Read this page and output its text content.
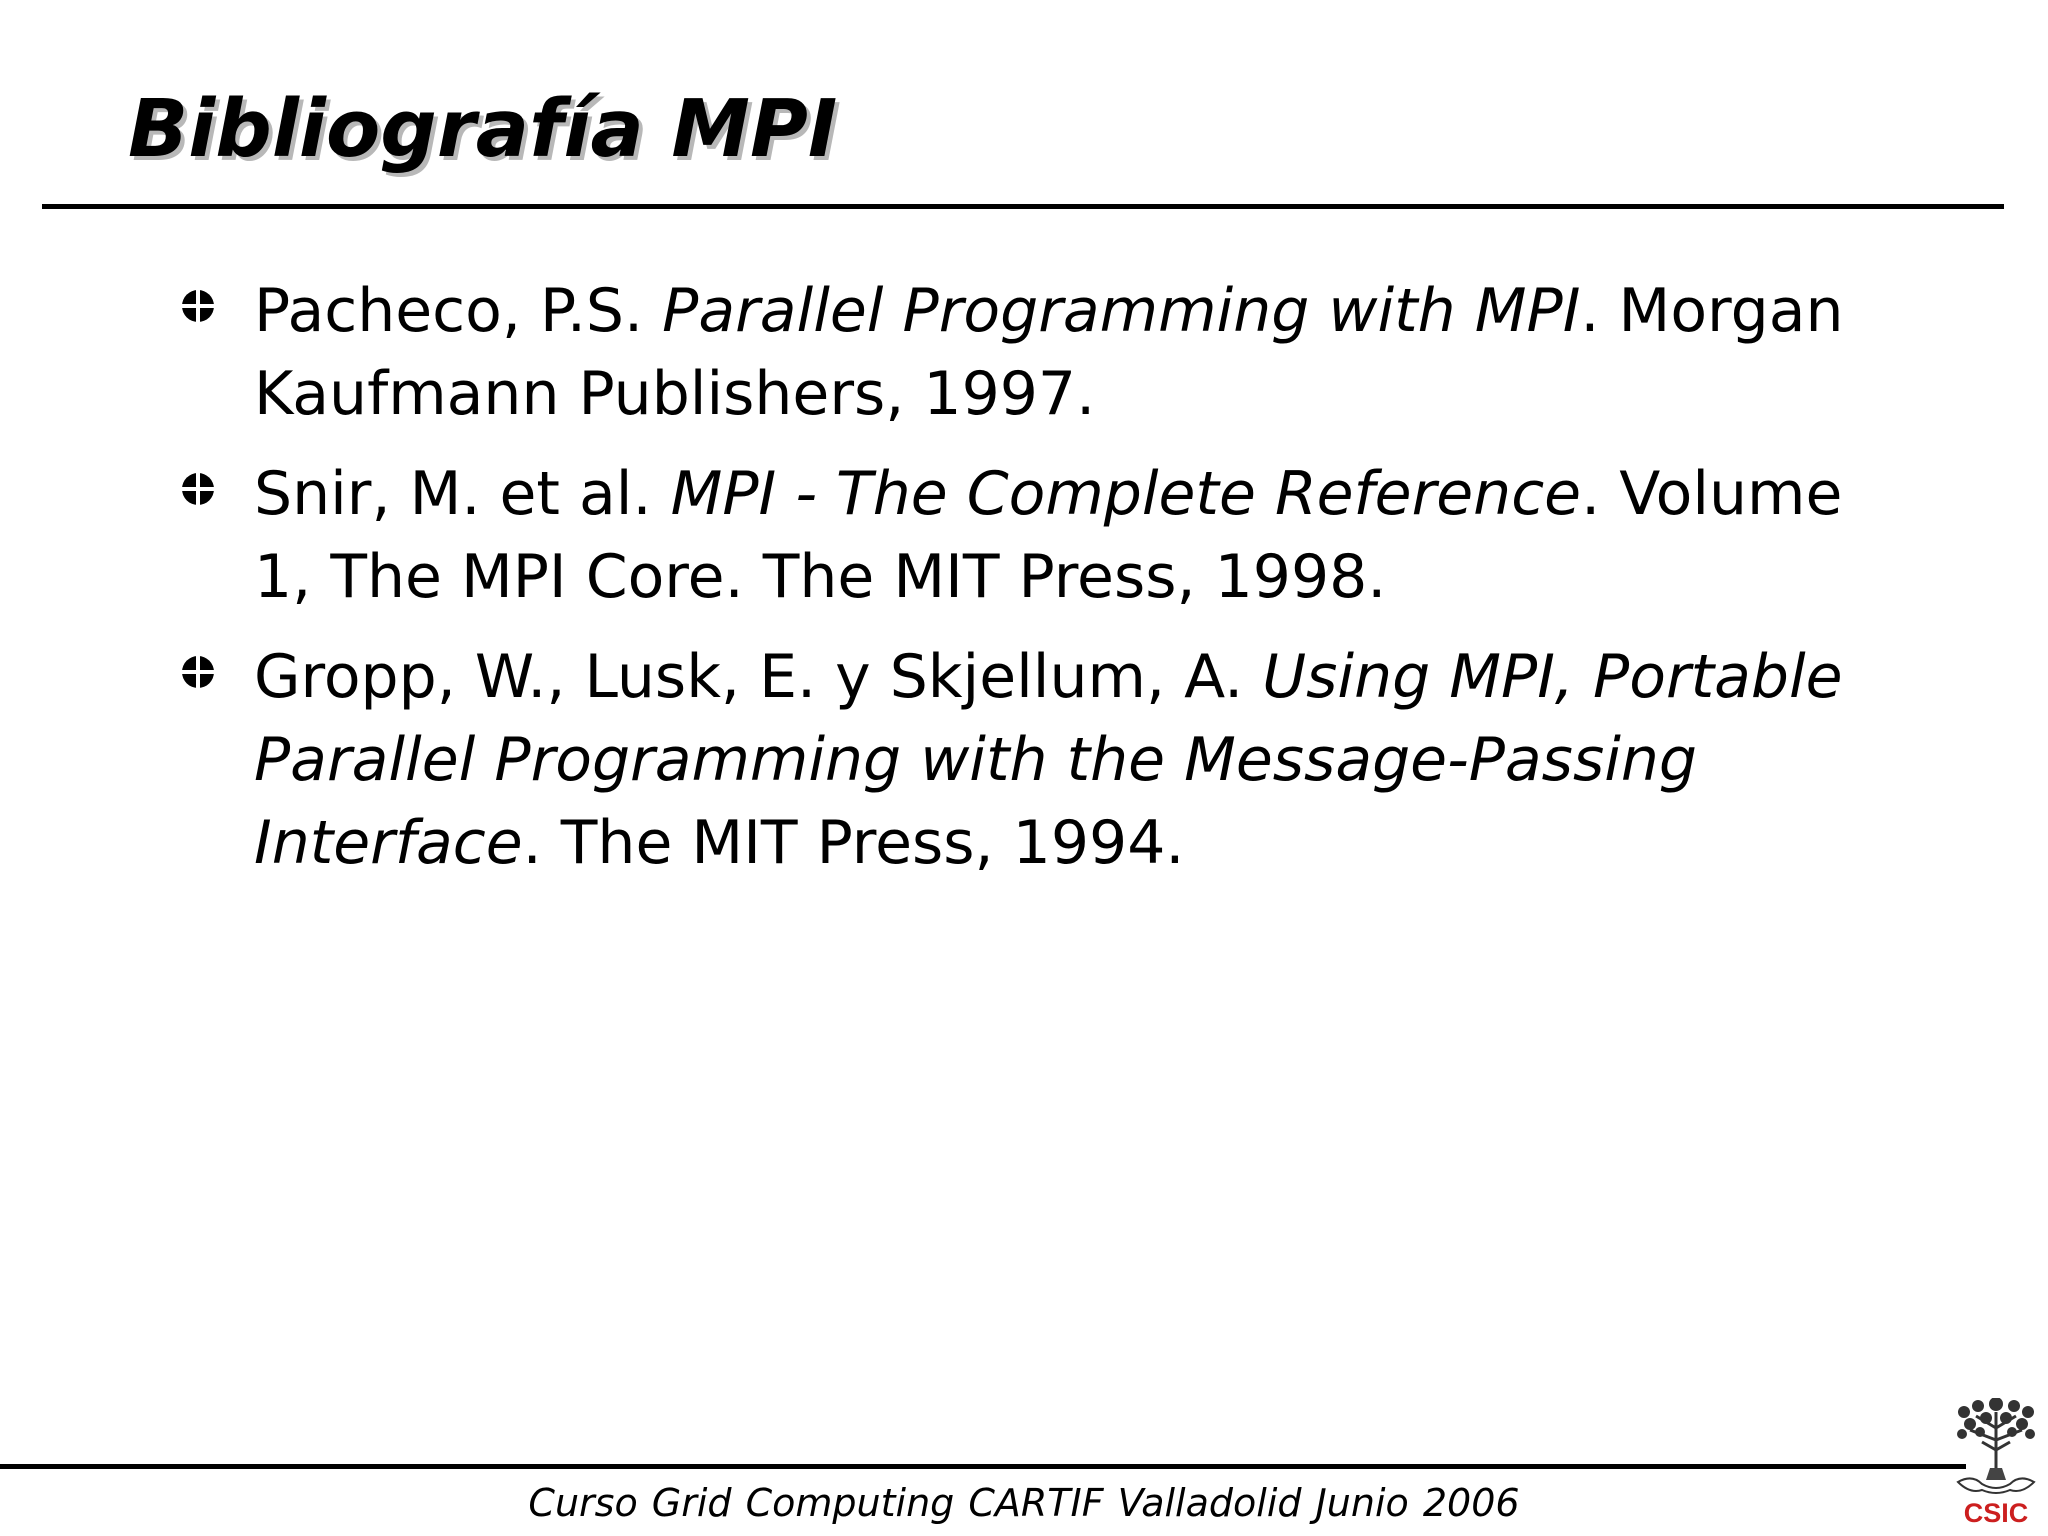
Bibliografía MPI
Pacheco, P.S. Parallel Programming with MPI. Morgan Kaufmann Publishers, 1997.
Snir, M. et al. MPI - The Complete Reference. Volume 1, The MPI Core. The MIT Press, 1998.
Gropp, W., Lusk, E. y Skjellum, A. Using MPI, Portable Parallel Programming with the Message-Passing Interface. The MIT Press, 1994.
Curso Grid Computing CARTIF Valladolid Junio 2006	CSIC
